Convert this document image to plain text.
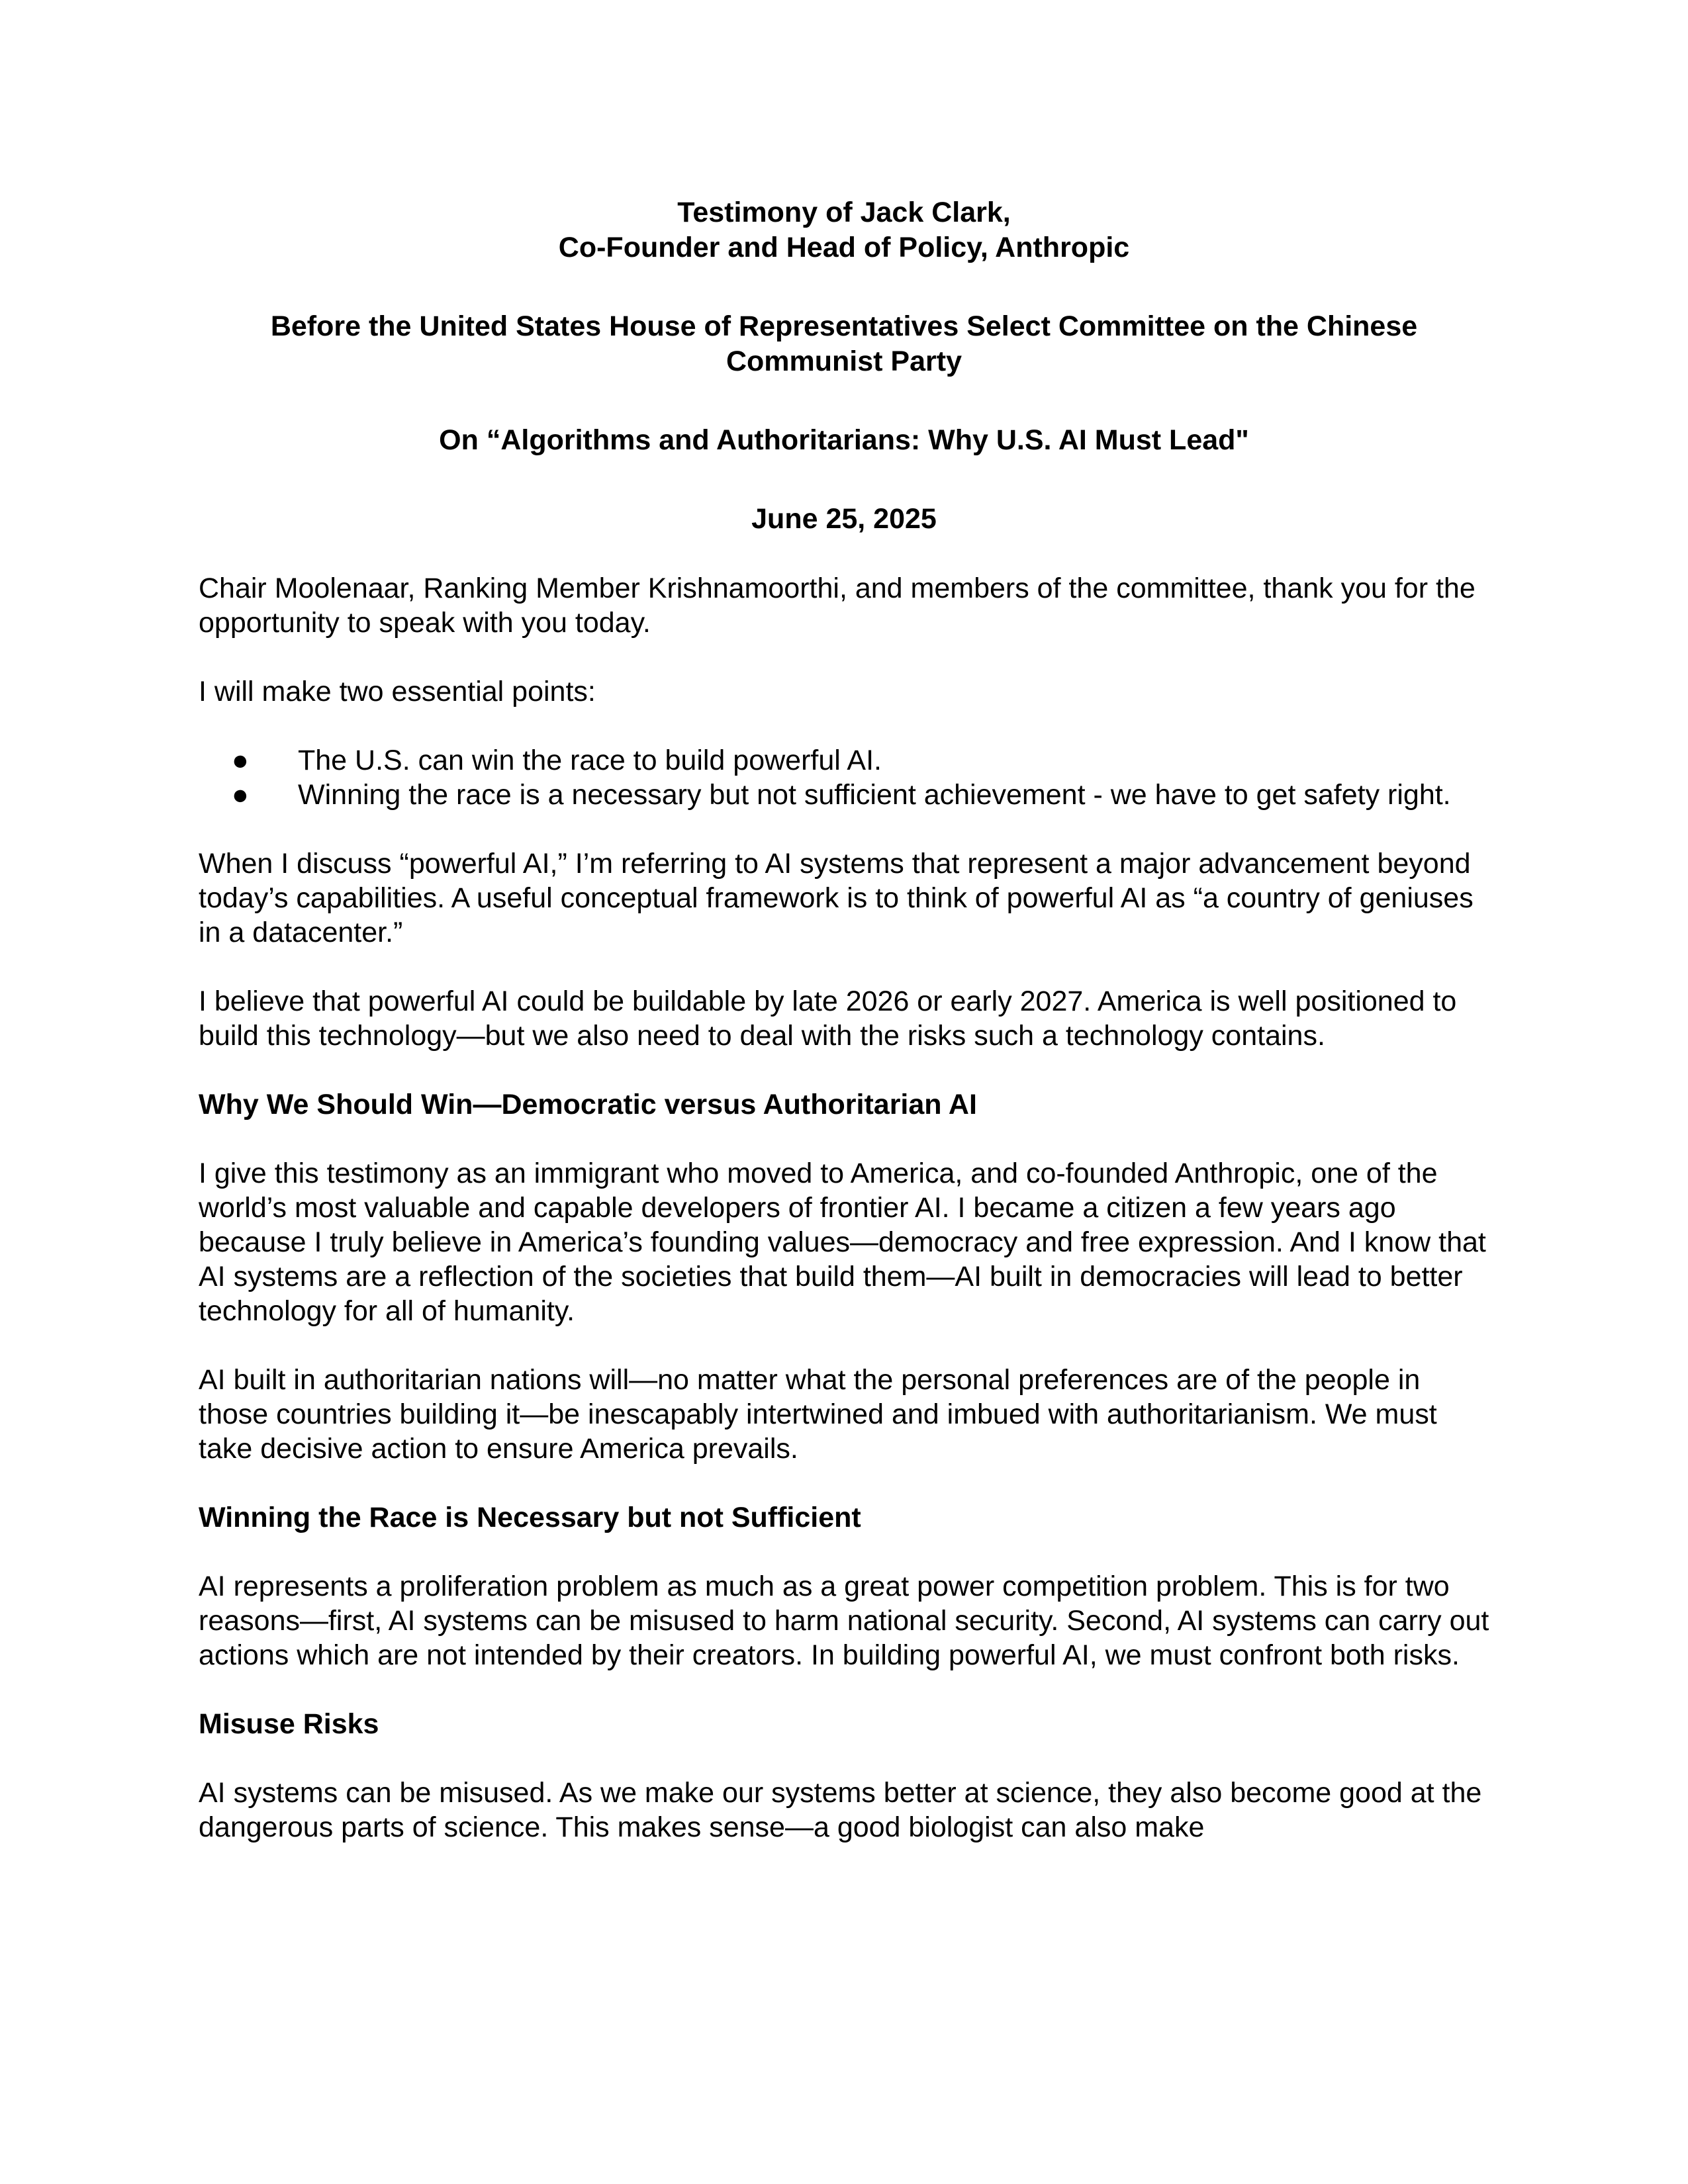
Testimony of Jack Clark,

Co-Founder and Head of Policy, Anthropic

Before the United States House of Representatives Select Committee on the Chinese

Communist Party

On “Algorithms and Authoritarians: Why U.S. AI Must Lead"

June 25, 2025

Chair Moolenaar, Ranking Member Krishnamoorthi, and members of the committee, thank you for the opportunity to speak with you today.

I will make two essential points:

●	The U.S. can win the race to build powerful AI.
●	Winning the race is a necessary but not sufficient achievement - we have to get safety right.

When I discuss “powerful AI,” I’m referring to AI systems that represent a major advancement beyond today’s capabilities. A useful conceptual framework is to think of powerful AI as “a country of geniuses in a datacenter.”

I believe that powerful AI could be buildable by late 2026 or early 2027. America is well positioned to build this technology—but we also need to deal with the risks such a technology contains.

Why We Should Win—Democratic versus Authoritarian AI

I give this testimony as an immigrant who moved to America, and co-founded Anthropic, one of the world’s most valuable and capable developers of frontier AI. I became a citizen a few years ago because I truly believe in America’s founding values—democracy and free expression. And I know that AI systems are a reflection of the societies that build them—AI built in democracies will lead to better technology for all of humanity.

AI built in authoritarian nations will—no matter what the personal preferences are of the people in those countries building it—be inescapably intertwined and imbued with authoritarianism. We must take decisive action to ensure America prevails.

Winning the Race is Necessary but not Sufficient

AI represents a proliferation problem as much as a great power competition problem. This is for two reasons—first, AI systems can be misused to harm national security. Second, AI systems can carry out actions which are not intended by their creators. In building powerful AI, we must confront both risks.

Misuse Risks

AI systems can be misused. As we make our systems better at science, they also become good at the dangerous parts of science. This makes sense—a good biologist can also make
